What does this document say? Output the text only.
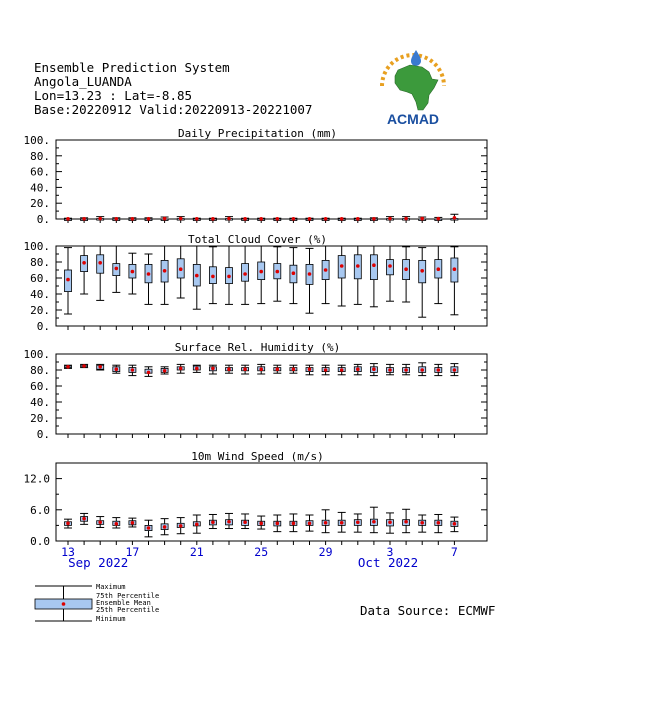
Ensemble Prediction System
Angola_LUANDA
Lon=13.23 : Lat=-8.85
Base:20220912 Valid:20220913-20221007
ACMAD
Daily Precipitation (mm)
0.
20.
40.
60.
80.
100.
Total Cloud Cover (%)
0.
20.
40.
60.
80.
100.
Surface Rel. Humidity (%)
0.
20.
40.
60.
80.
100.
10m Wind Speed (m/s)
0.0
6.0
12.0
13	17	21	25	29	3	7
Sep 2022	Oct 2022
Maximum
75th Percentile
Ensemble Mean
25th Percentile
Minimum
Data Source: ECMWF
